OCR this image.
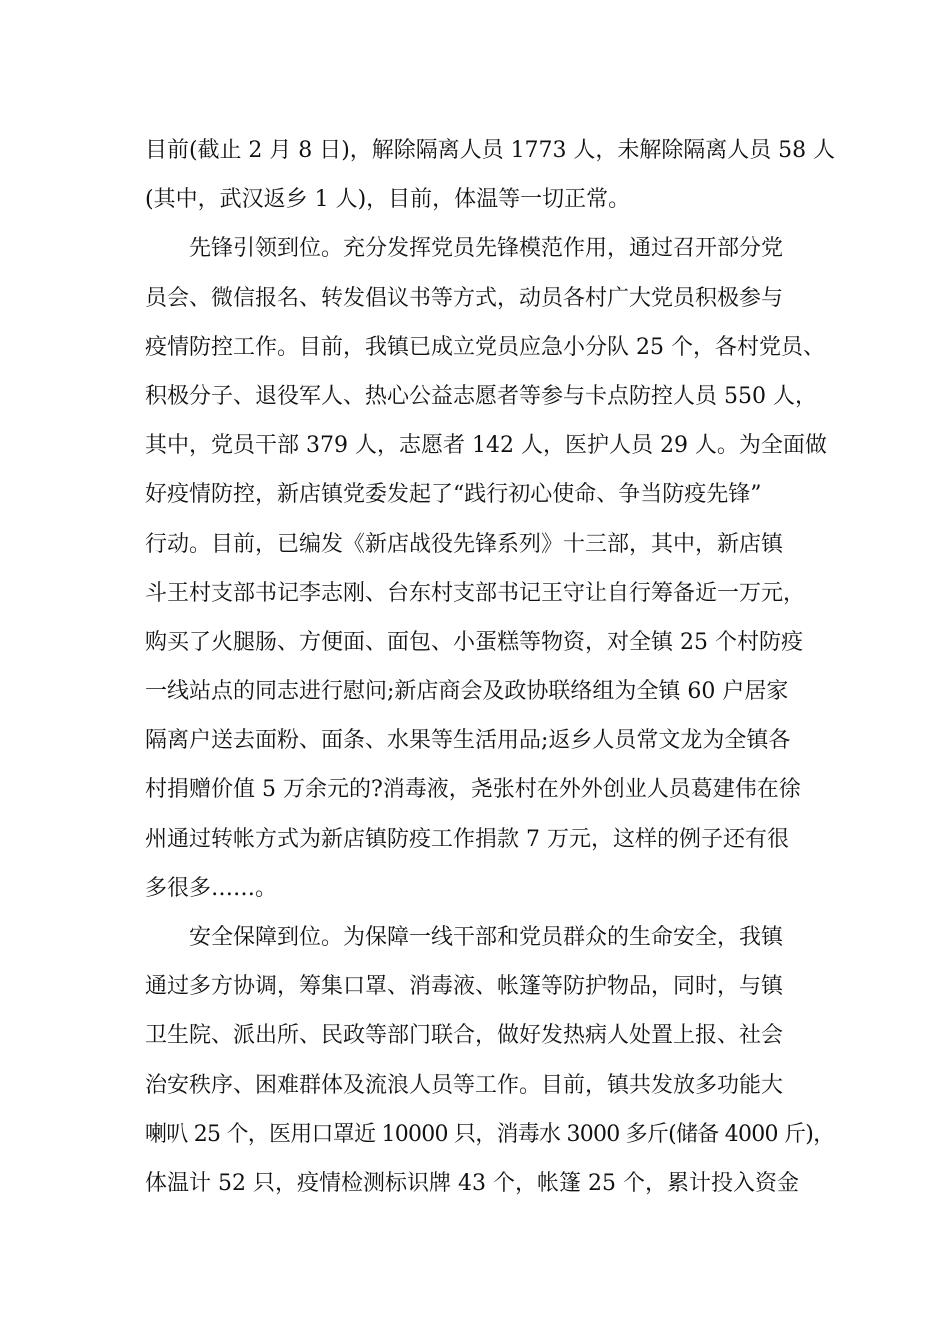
目前(截止 2 月 8 日)，解除隔离人员 1773 人，未解除隔离人员 58 人
(其中，武汉返乡 1 人)，目前，体温等一切正常。
先锋引领到位。充分发挥党员先锋模范作用，通过召开部分党
员会、微信报名、转发倡议书等方式，动员各村广大党员积极参与
疫情防控工作。目前，我镇已成立党员应急小分队 25 个，各村党员、
积极分子、退役军人、热心公益志愿者等参与卡点防控人员 550 人，
其中，党员干部 379 人，志愿者 142 人，医护人员 29 人。为全面做
好疫情防控，新店镇党委发起了“践行初心使命、争当防疫先锋”
行动。目前，已编发《新店战役先锋系列》十三部，其中，新店镇
斗王村支部书记李志刚、台东村支部书记王守让自行筹备近一万元，
购买了火腿肠、方便面、面包、小蛋糕等物资，对全镇 25 个村防疫
一线站点的同志进行慰问;新店商会及政协联络组为全镇 60 户居家
隔离户送去面粉、面条、水果等生活用品;返乡人员常文龙为全镇各
村捐赠价值 5 万余元的?消毒液，尧张村在外外创业人员葛建伟在徐
州通过转帐方式为新店镇防疫工作捐款 7 万元，这样的例子还有很
多很多……。
安全保障到位。为保障一线干部和党员群众的生命安全，我镇
通过多方协调，筹集口罩、消毒液、帐篷等防护物品，同时，与镇
卫生院、派出所、民政等部门联合，做好发热病人处置上报、社会
治安秩序、困难群体及流浪人员等工作。目前，镇共发放多功能大
喇叭 25 个，医用口罩近 10000 只，消毒水 3000 多斤(储备 4000 斤)，
体温计 52 只，疫情检测标识牌 43 个，帐篷 25 个，累计投入资金
